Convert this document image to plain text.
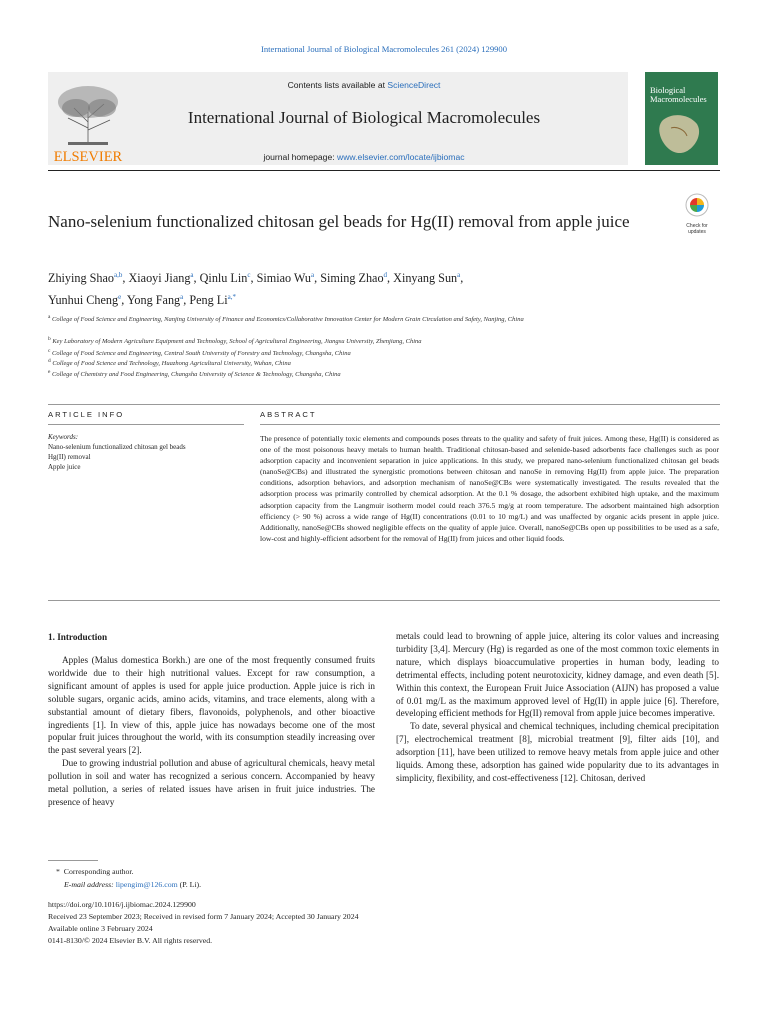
International Journal of Biological Macromolecules 261 (2024) 129900
ELSEVIER
Contents lists available at ScienceDirect
International Journal of Biological Macromolecules
journal homepage: www.elsevier.com/locate/ijbiomac
Biological Macromolecules
Nano-selenium functionalized chitosan gel beads for Hg(II) removal from apple juice	Check for updates
Zhiying Shao$^{a,b}$, Xiaoyi Jiang$^a$, Qinlu Lin$^c$, Simiao Wu$^a$, Siming Zhao$^d$, Xinyang Sun$^a$,
Yunhui Cheng$^e$, Yong Fang$^a$, Peng $Li^{a,*}$
$^a$ College of Food Science and Engineering, Nanjing University of Finance and Economics/Collaborative Innovation Center for Modern Grain Circulation and Safety, Nanjing, China
$^b$ Key Laboratory of Modern Agriculture Equipment and Technology, School of Agricultural Engineering, Jiangsu University, Zhenjiang, China
$^c$ College of Food Science and Engineering, Central South University of Forestry and Technology, Changsha, China
$^d$ College of Food Science and Technology, Huazhong Agricultural University, Wuhan, China
$^e$ College of Chemistry and Food Engineering, Changsha University of Science & Technology, Changsha, China
ARTICLE INFO	ABSTRACT
Keywords:
Nano-selenium functionalized chitosan gel beads
Hg(II) removal
Apple juice
The presence of potentially toxic elements and compounds poses threats to the quality and safety of fruit juices. Among these, Hg(II) is considered as one of the most poisonous heavy metals to human health. Traditional chitosan-based and selenide-based adsorbents face challenges such as poor adsorption capacity and inconvenient separation in juice applications. In this study, we prepared nano-selenium functionalized chitosan gel beads (nanoSe@CBs) and illustrated the synergistic promotions between chitosan and nanoSe in removing Hg(II) from apple juice. The preparation conditions, adsorption behaviors, and adsorption mechanism of nanoSe@CBs were systematically investigated. The results revealed that the adsorption process was primarily controlled by chemical adsorption. At the 0.1 % dosage, the adsorbent exhibited high uptake, and the maximum adsorption capacity from the Langmuir isotherm model could reach 376.5 mg/g at room temperature. The adsorbent maintained high adsorption efficiency (> 90 %) across a wide range of Hg(II) concentrations (0.01 to 10 mg/L) and was unaffected by organic acids present in apple juice. Additionally, nanoSe@CBs showed negligible effects on the quality of apple juice. Overall, nanoSe@CBs open up possibilities to be used as a safe, low-cost and highly-efficient adsorbent for the removal of Hg(II) from juices and other liquid foods.
1. Introduction

Apples (Malus domestica Borkh.) are one of the most frequently consumed fruits worldwide due to their high nutritional values. Except for raw consumption, a significant amount of apples is used for apple juice production. Apple juice is rich in soluble sugars, organic acids, amino acids, vitamins, and trace elements, along with a substantial amount of dietary fibers, flavonoids, polyphenols, and other bioactive ingredients [1]. In view of this, apple juice has nowadays become one of the most popular fruit juices throughout the world, with its consumption steadily increasing over the past several years [2].

Due to growing industrial pollution and abuse of agricultural chemicals, heavy metal pollution in soil and water has recognized a serious concern. Accompanied by heavy metal pollution, a series of related issues have arisen in fruit juice industries. The presence of heavy

metals could lead to browning of apple juice, altering its color values and increasing turbidity [3,4]. Mercury (Hg) is regarded as one of the most common toxic elements in nature, which displays bioaccumulative properties in human body, leading to detrimental effects, including potent neurotoxicity, kidney damage, and even death [5]. Within this context, the European Fruit Juice Association (AIJN) has proposed a value of 0.01 mg/L as the maximum approved level of Hg(II) in apple juice [6]. Therefore, developing efficient methods for Hg(II) removal from apple juice becomes imperative.

To date, several physical and chemical techniques, including chemical precipitation [7], electrochemical treatment [8], microbial treatment [9], filter aids [10], and adsorption [11], have been utilized to remove heavy metals from apple juice and other liquids. Among these, adsorption has gained wide popularity due to its advantages in simplicity, flexibility, and cost-effectiveness [12]. Chitosan, derived

*  Corresponding author.
E-mail address: lipengim@126.com (P. Li).
https://doi.org/10.1016/j.ijbiomac.2024.129900
Received 23 September 2023; Received in revised form 7 January 2024; Accepted 30 January 2024
Available online 3 February 2024
0141-8130/© 2024 Elsevier B.V. All rights reserved.
